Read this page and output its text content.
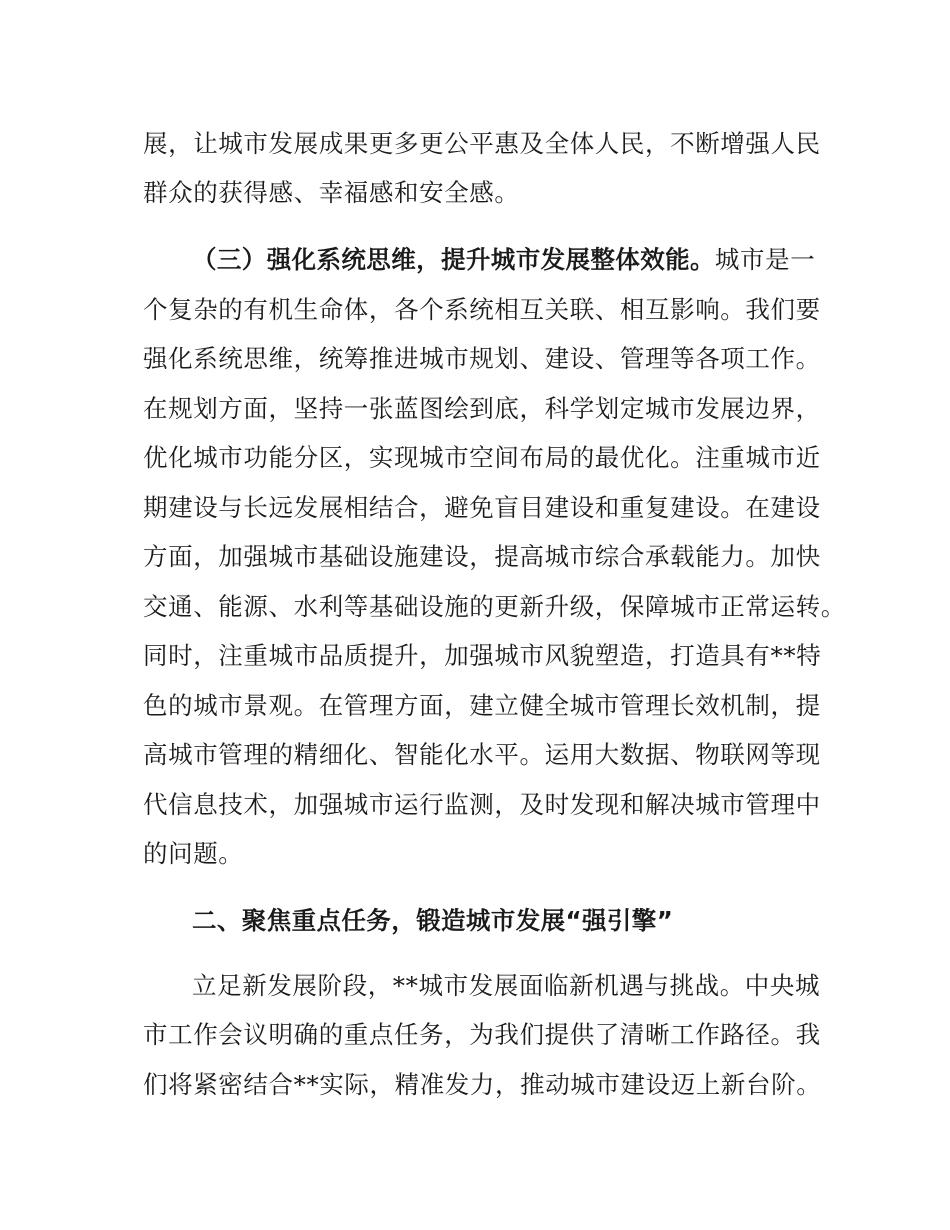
展，让城市发展成果更多更公平惠及全体人民，不断增强人民
群众的获得感、幸福感和安全感。
（三）强化系统思维，提升城市发展整体效能。城市是一
个复杂的有机生命体，各个系统相互关联、相互影响。我们要
强化系统思维，统筹推进城市规划、建设、管理等各项工作。
在规划方面，坚持一张蓝图绘到底，科学划定城市发展边界，
优化城市功能分区，实现城市空间布局的最优化。注重城市近
期建设与长远发展相结合，避免盲目建设和重复建设。在建设
方面，加强城市基础设施建设，提高城市综合承载能力。加快
交通、能源、水利等基础设施的更新升级，保障城市正常运转。
同时，注重城市品质提升，加强城市风貌塑造，打造具有**特
色的城市景观。在管理方面，建立健全城市管理长效机制，提
高城市管理的精细化、智能化水平。运用大数据、物联网等现
代信息技术，加强城市运行监测，及时发现和解决城市管理中
的问题。
二、聚焦重点任务，锻造城市发展“强引擎”
立足新发展阶段，**城市发展面临新机遇与挑战。中央城
市工作会议明确的重点任务，为我们提供了清晰工作路径。我
们将紧密结合**实际，精准发力，推动城市建设迈上新台阶。
